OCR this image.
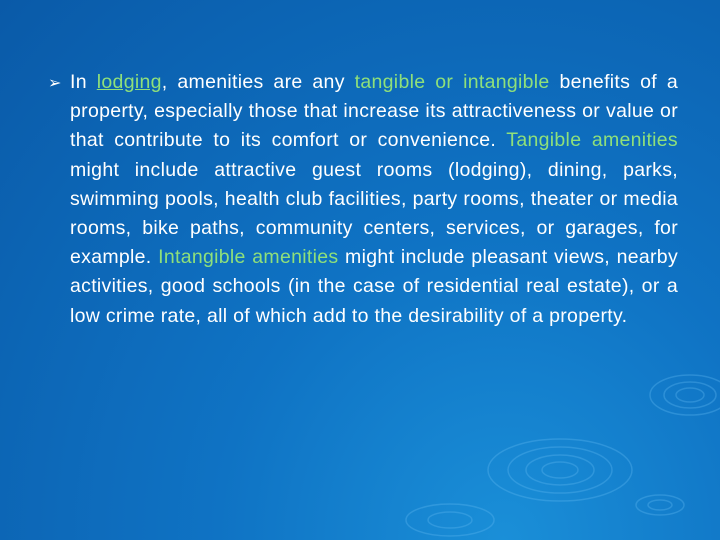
➢ In lodging, amenities are any tangible or intangible benefits of a property, especially those that increase its attractiveness or value or that contribute to its comfort or convenience. Tangible amenities might include attractive guest rooms (lodging), dining, parks, swimming pools, health club facilities, party rooms, theater or media rooms, bike paths, community centers, services, or garages, for example. Intangible amenities might include pleasant views, nearby activities, good schools (in the case of residential real estate), or a low crime rate, all of which add to the desirability of a property.
